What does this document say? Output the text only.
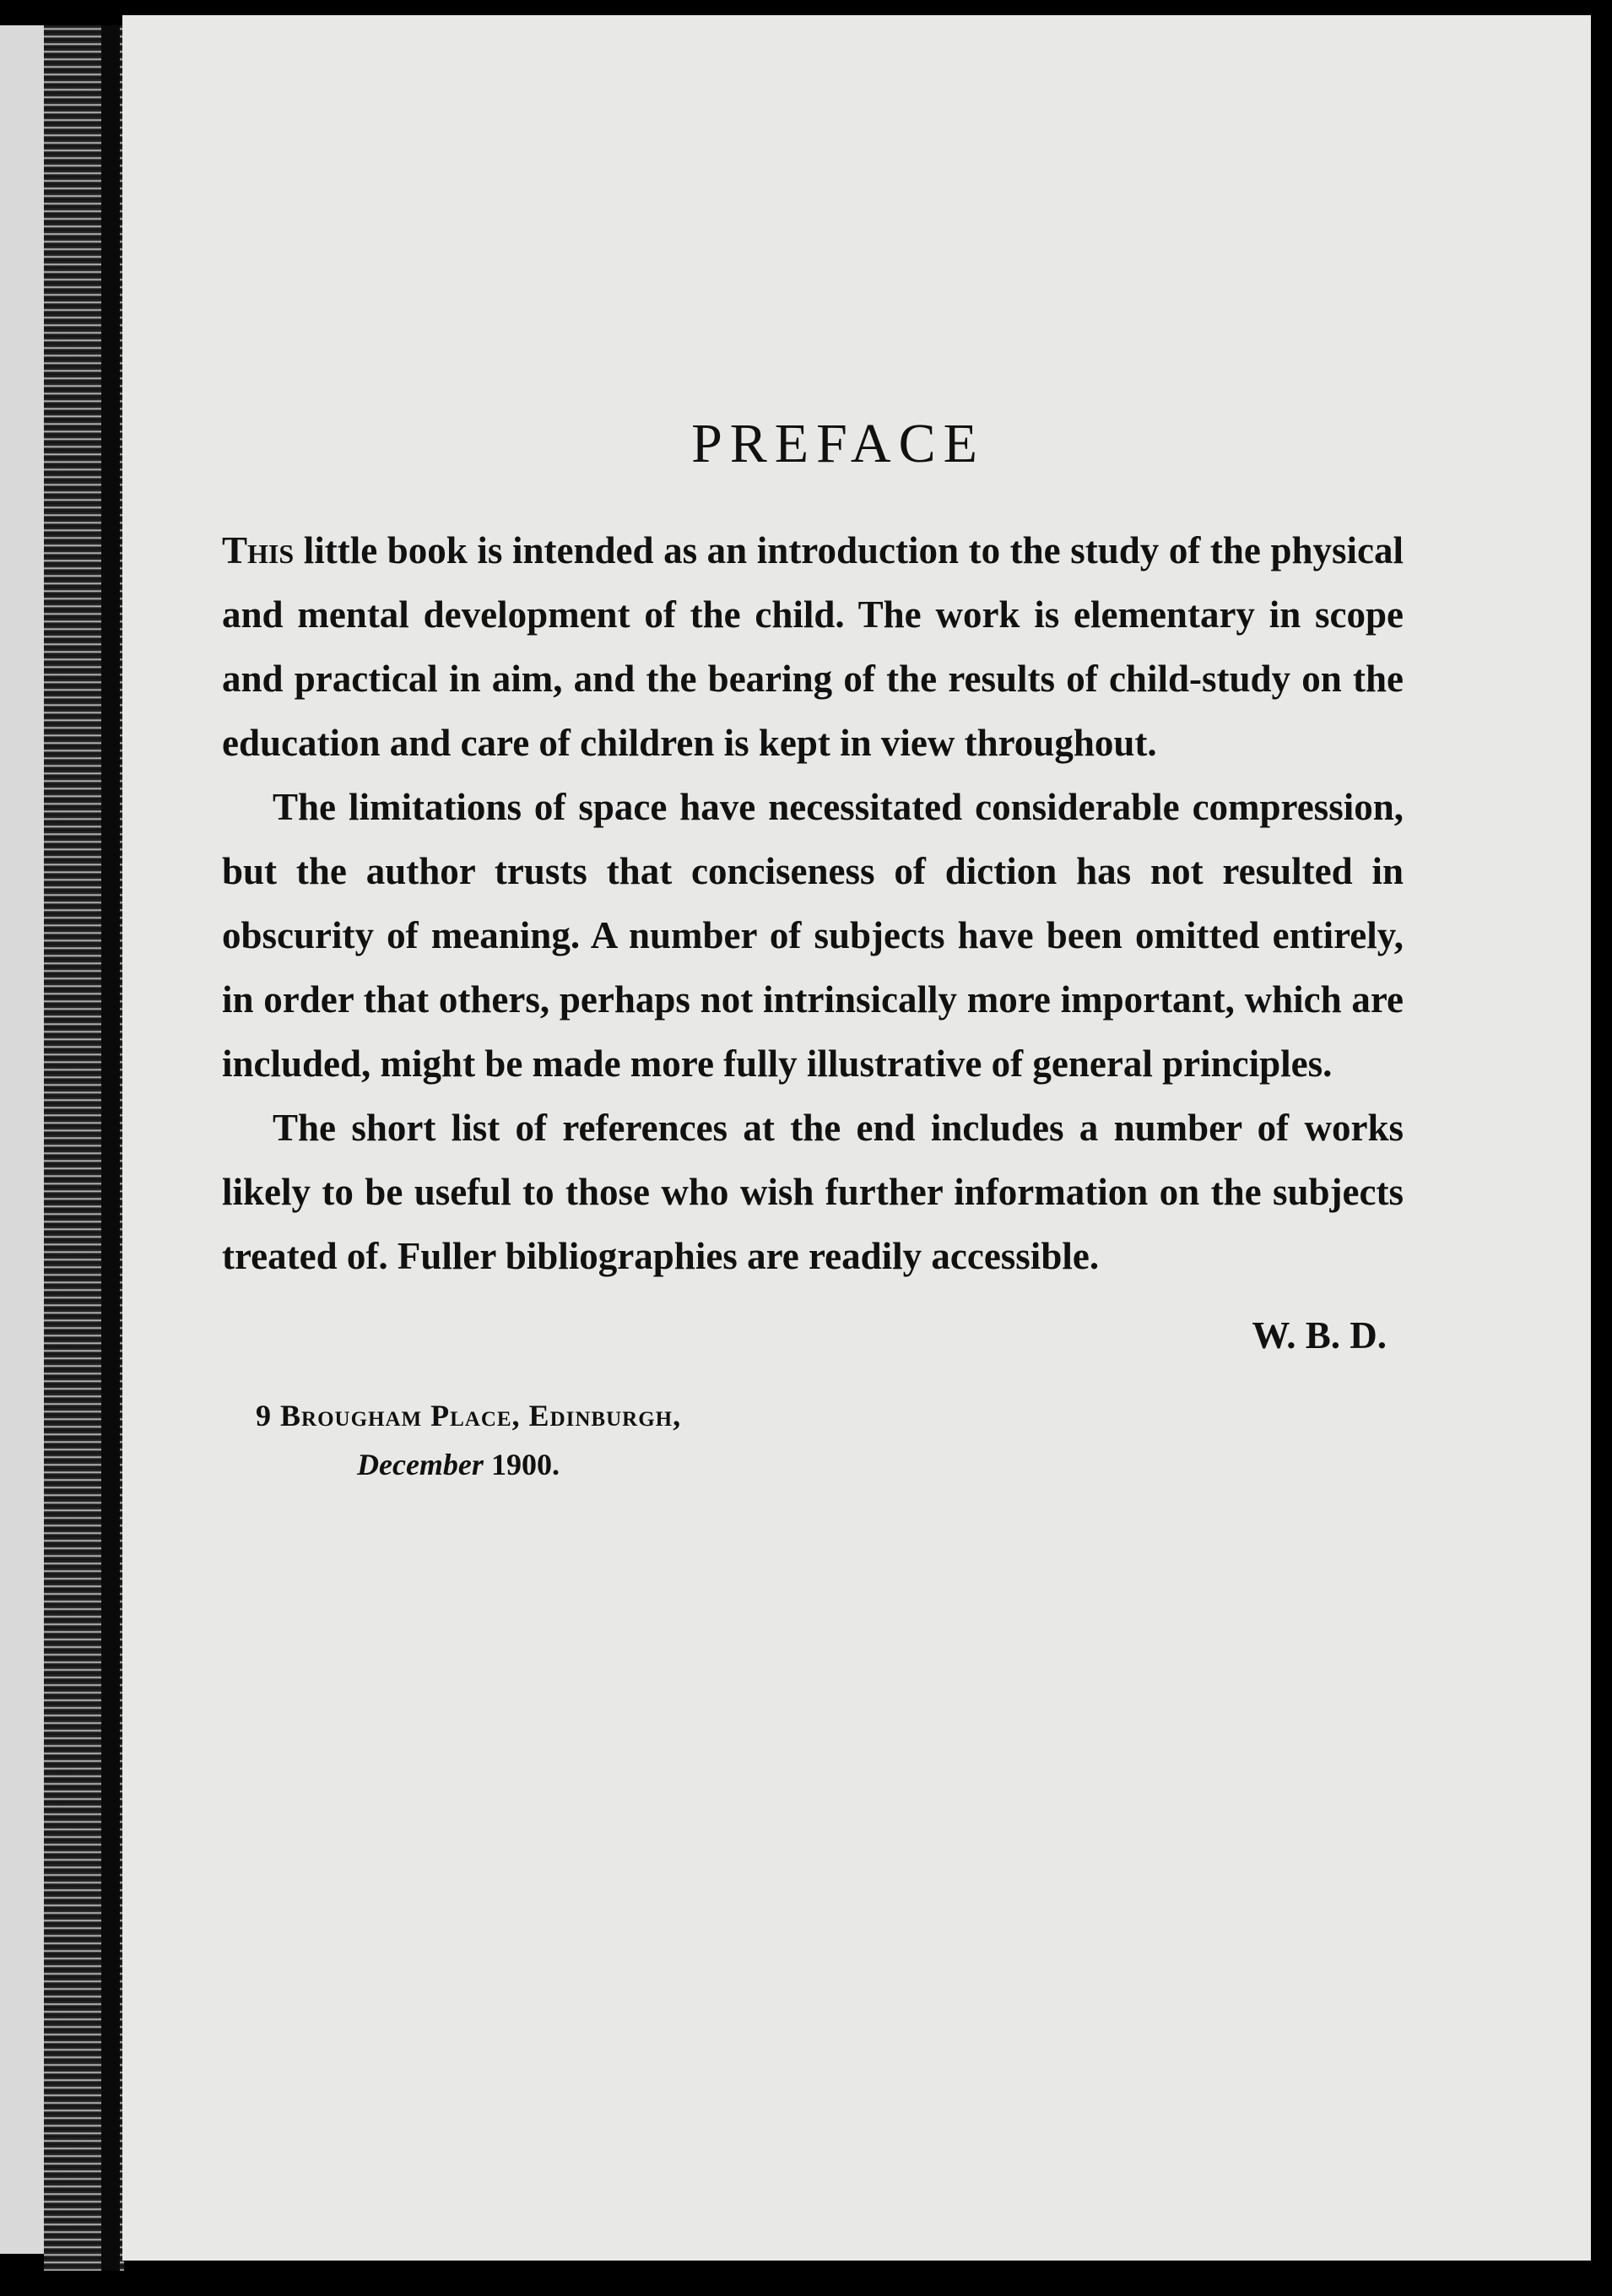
PREFACE

This little book is intended as an introduction to the study of the physical and mental development of the child. The work is elementary in scope and practical in aim, and the bearing of the results of child-study on the education and care of children is kept in view throughout.

The limitations of space have necessitated considerable compression, but the author trusts that conciseness of diction has not resulted in obscurity of meaning. A number of subjects have been omitted entirely, in order that others, perhaps not intrinsically more important, which are included, might be made more fully illustrative of general principles.

The short list of references at the end includes a number of works likely to be useful to those who wish further information on the subjects treated of. Fuller bibliographies are readily accessible.

W. B. D.
9 Brougham Place, Edinburgh,
December 1900.
